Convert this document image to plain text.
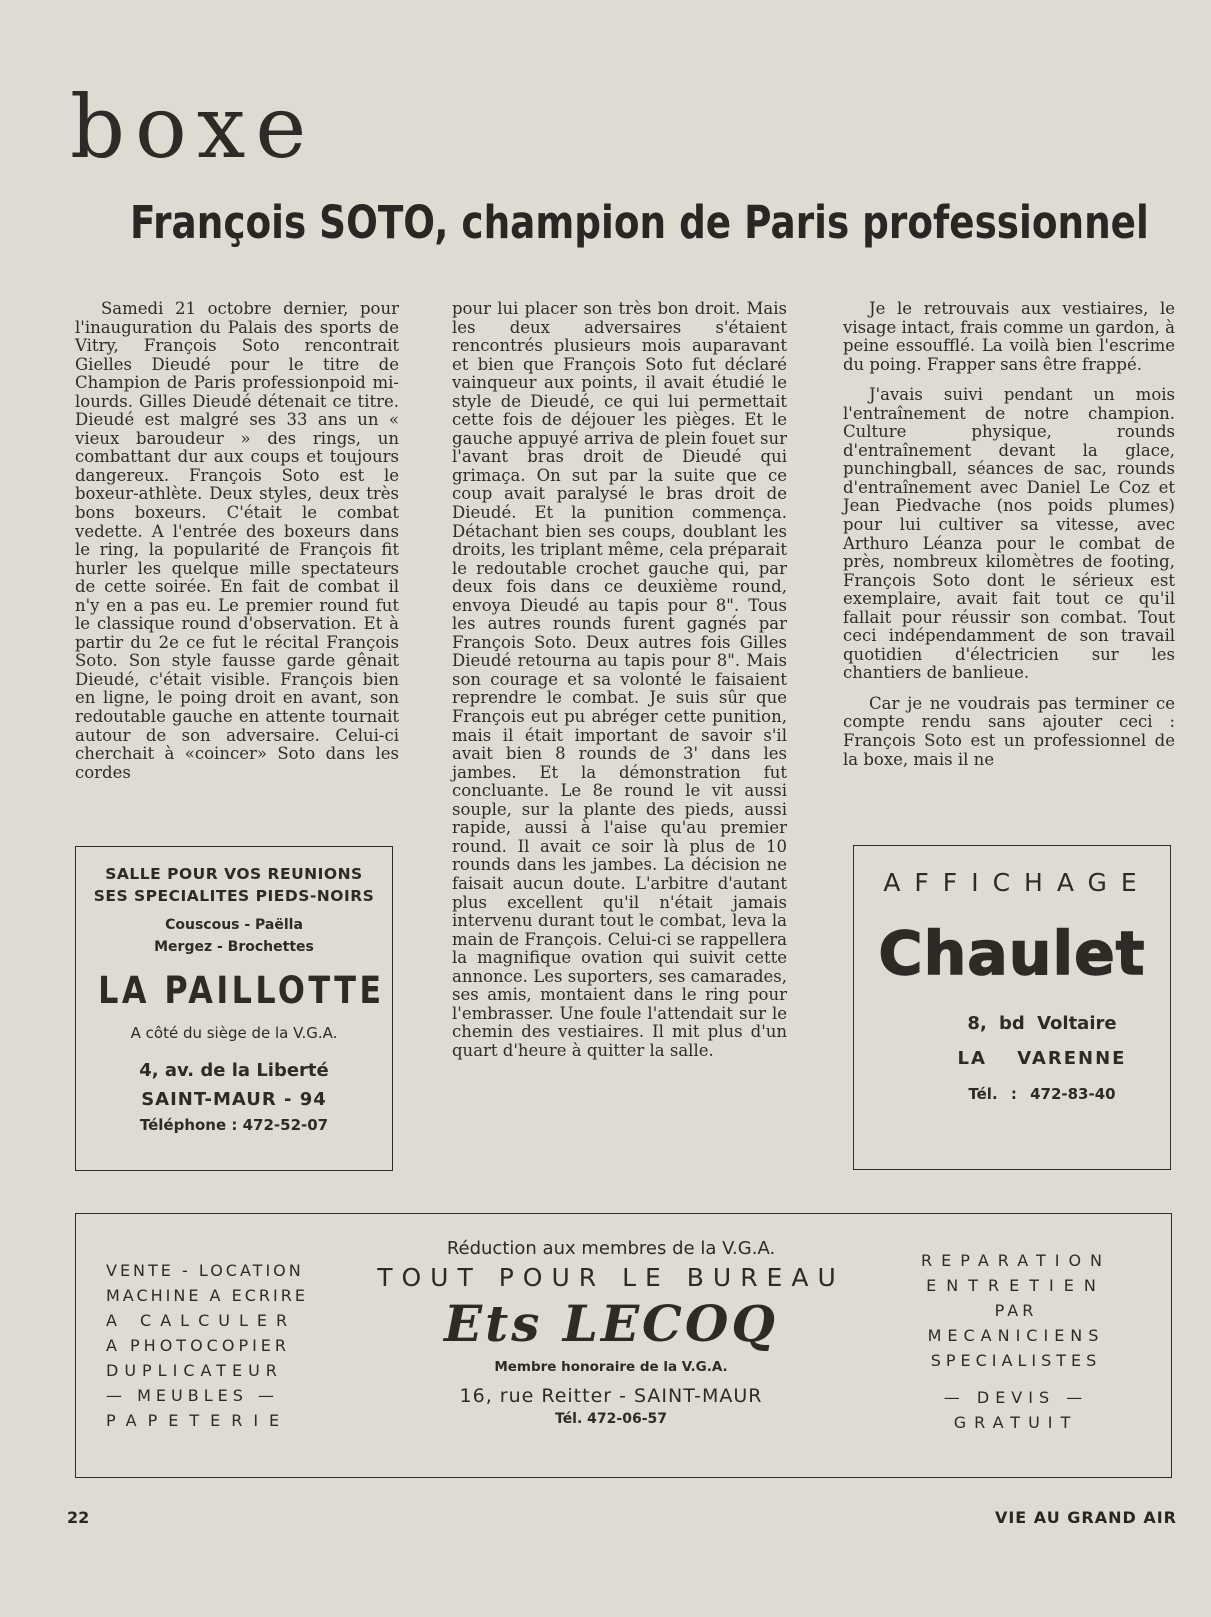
boxe
François SOTO, champion de Paris professionnel

Samedi 21 octobre dernier, pour l'inauguration du Palais des sports de Vitry, François Soto rencontrait Gielles Dieudé pour le titre de Champion de Paris professionpoid mi-lourds. Gilles Dieudé détenait ce titre. Dieudé est malgré ses 33 ans un « vieux baroudeur » des rings, un combattant dur aux coups et toujours dangereux. François Soto est le boxeur-athlète. Deux styles, deux très bons boxeurs. C'était le combat vedette. A l'entrée des boxeurs dans le ring, la popularité de François fit hurler les quelque mille spectateurs de cette soirée. En fait de combat il n'y en a pas eu. Le premier round fut le classique round d'observation. Et à partir du 2e ce fut le récital François Soto. Son style fausse garde gênait Dieudé, c'était visible. François bien en ligne, le poing droit en avant, son redoutable gauche en attente tournait autour de son adversaire. Celui-ci cherchait à «coincer» Soto dans les cordes

pour lui placer son très bon droit. Mais les deux adversaires s'étaient rencontrés plusieurs mois auparavant et bien que François Soto fut déclaré vainqueur aux points, il avait étudié le style de Dieudé, ce qui lui permettait cette fois de déjouer les pièges. Et le gauche appuyé arriva de plein fouet sur l'avant bras droit de Dieudé qui grimaça. On sut par la suite que ce coup avait paralysé le bras droit de Dieudé. Et la punition commença. Détachant bien ses coups, doublant les droits, les triplant même, cela préparait le redoutable crochet gauche qui, par deux fois dans ce deuxième round, envoya Dieudé au tapis pour 8". Tous les autres rounds furent gagnés par François Soto. Deux autres fois Gilles Dieudé retourna au tapis pour 8". Mais son courage et sa volonté le faisaient reprendre le combat. Je suis sûr que François eut pu abréger cette punition, mais il était important de savoir s'il avait bien 8 rounds de 3' dans les jambes. Et la démonstration fut concluante. Le 8e round le vit aussi souple, sur la plante des pieds, aussi rapide, aussi à l'aise qu'au premier round. Il avait ce soir là plus de 10 rounds dans les jambes. La décision ne faisait aucun doute. L'arbitre d'autant plus excellent qu'il n'était jamais intervenu durant tout le combat, leva la main de François. Celui-ci se rappellera la magnifique ovation qui suivit cette annonce. Les suporters, ses camarades, ses amis, montaient dans le ring pour l'embrasser. Une foule l'attendait sur le chemin des vestiaires. Il mit plus d'un quart d'heure à quitter la salle.

Je le retrouvais aux vestiaires, le visage intact, frais comme un gardon, à peine essoufflé. La voilà bien l'escrime du poing. Frapper sans être frappé.

J'avais suivi pendant un mois l'entraînement de notre champion. Culture physique, rounds d'entraînement devant la glace, punchingball, séances de sac, rounds d'entraînement avec Daniel Le Coz et Jean Piedvache (nos poids plumes) pour lui cultiver sa vitesse, avec Arthuro Léanza pour le combat de près, nombreux kilomètres de footing, François Soto dont le sérieux est exemplaire, avait fait tout ce qu'il fallait pour réussir son combat. Tout ceci indépendamment de son travail quotidien d'électricien sur les chantiers de banlieue.

Car je ne voudrais pas terminer ce compte rendu sans ajouter ceci : François Soto est un professionnel de la boxe, mais il ne

SALLE POUR VOS REUNIONS
SES SPECIALITES PIEDS-NOIRS
Couscous - Paëlla
Mergez - Brochettes
LA PAILLOTTE
A côté du siège de la V.G.A.
4, av. de la Liberté
SAINT-MAUR - 94
Téléphone : 472-52-07
AFFICHAGE
Chaulet
8, bd Voltaire
LA VARENNE
Tél. : 472-83-40
VENTE - LOCATION
MACHINE A ECRIRE
A CALCULER
A PHOTOCOPIER
DUPLICATEUR
— MEUBLES —
PAPETERIE
Réduction aux membres de la V.G.A.
TOUT POUR LE BUREAU
Ets LECOQ
Membre honoraire de la V.G.A.
16, rue Reitter - SAINT-MAUR
Tél. 472-06-57
REPARATION
ENTRETIEN
PAR
MECANICIENS
SPECIALISTES
— DEVIS —
GRATUIT
22	VIE AU GRAND AIR
